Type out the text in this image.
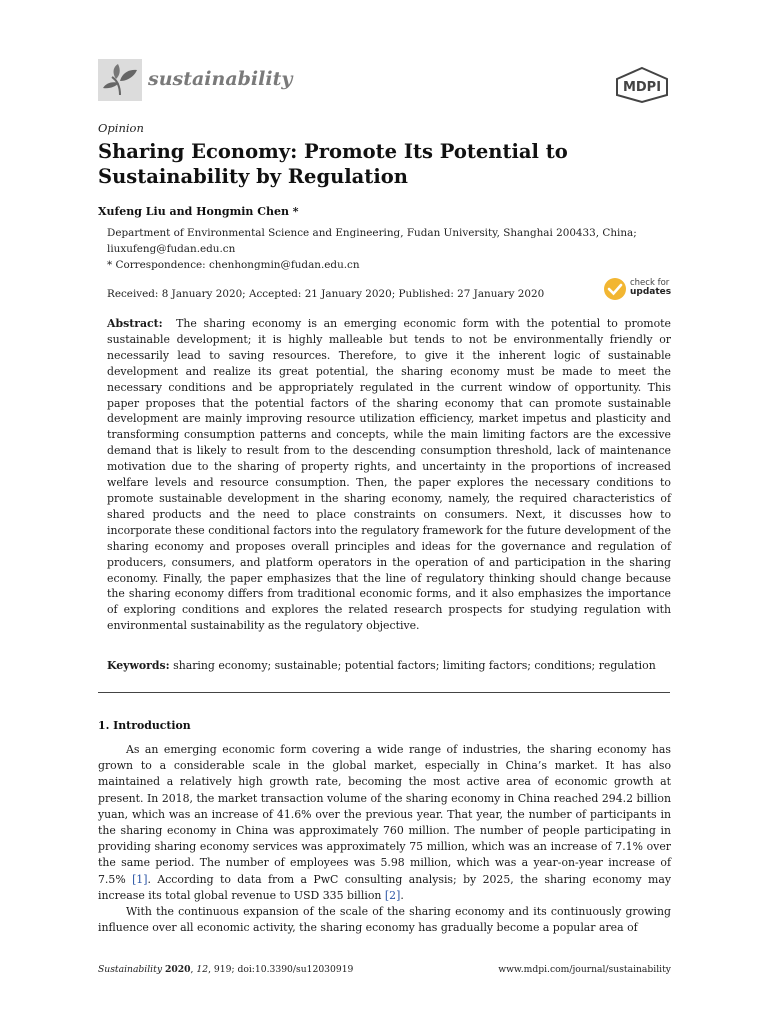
sustainability	MDPI
Opinion
Sharing Economy: Promote Its Potential to Sustainability by Regulation
Xufeng Liu and Hongmin Chen *
Department of Environmental Science and Engineering, Fudan University, Shanghai 200433, China;
liuxufeng@fudan.edu.cn
* Correspondence: chenhongmin@fudan.edu.cn
Received: 8 January 2020; Accepted: 21 January 2020; Published: 27 January 2020
check for
updates
Abstract: The sharing economy is an emerging economic form with the potential to promote sustainable development; it is highly malleable but tends to not be environmentally friendly or necessarily lead to saving resources. Therefore, to give it the inherent logic of sustainable development and realize its great potential, the sharing economy must be made to meet the necessary conditions and be appropriately regulated in the current window of opportunity. This paper proposes that the potential factors of the sharing economy that can promote sustainable development are mainly improving resource utilization efficiency, market impetus and plasticity and transforming consumption patterns and concepts, while the main limiting factors are the excessive demand that is likely to result from to the descending consumption threshold, lack of maintenance motivation due to the sharing of property rights, and uncertainty in the proportions of increased welfare levels and resource consumption. Then, the paper explores the necessary conditions to promote sustainable development in the sharing economy, namely, the required characteristics of shared products and the need to place constraints on consumers. Next, it discusses how to incorporate these conditional factors into the regulatory framework for the future development of the sharing economy and proposes overall principles and ideas for the governance and regulation of producers, consumers, and platform operators in the operation of and participation in the sharing economy. Finally, the paper emphasizes that the line of regulatory thinking should change because the sharing economy differs from traditional economic forms, and it also emphasizes the importance of exploring conditions and explores the related research prospects for studying regulation with environmental sustainability as the regulatory objective.
Keywords: sharing economy; sustainable; potential factors; limiting factors; conditions; regulation
1. Introduction

As an emerging economic form covering a wide range of industries, the sharing economy has grown to a considerable scale in the global market, especially in China’s market. It has also maintained a relatively high growth rate, becoming the most active area of economic growth at present. In 2018, the market transaction volume of the sharing economy in China reached 294.2 billion yuan, which was an increase of 41.6% over the previous year. That year, the number of participants in the sharing economy in China was approximately 760 million. The number of people participating in providing sharing economy services was approximately 75 million, which was an increase of 7.1% over the same period. The number of employees was 5.98 million, which was a year-on-year increase of 7.5% [1]. According to data from a PwC consulting analysis; by 2025, the sharing economy may increase its total global revenue to USD 335 billion [2].

With the continuous expansion of the scale of the sharing economy and its continuously growing influence over all economic activity, the sharing economy has gradually become a popular area of

Sustainability 2020, 12, 919; doi:10.3390/su12030919	www.mdpi.com/journal/sustainability
